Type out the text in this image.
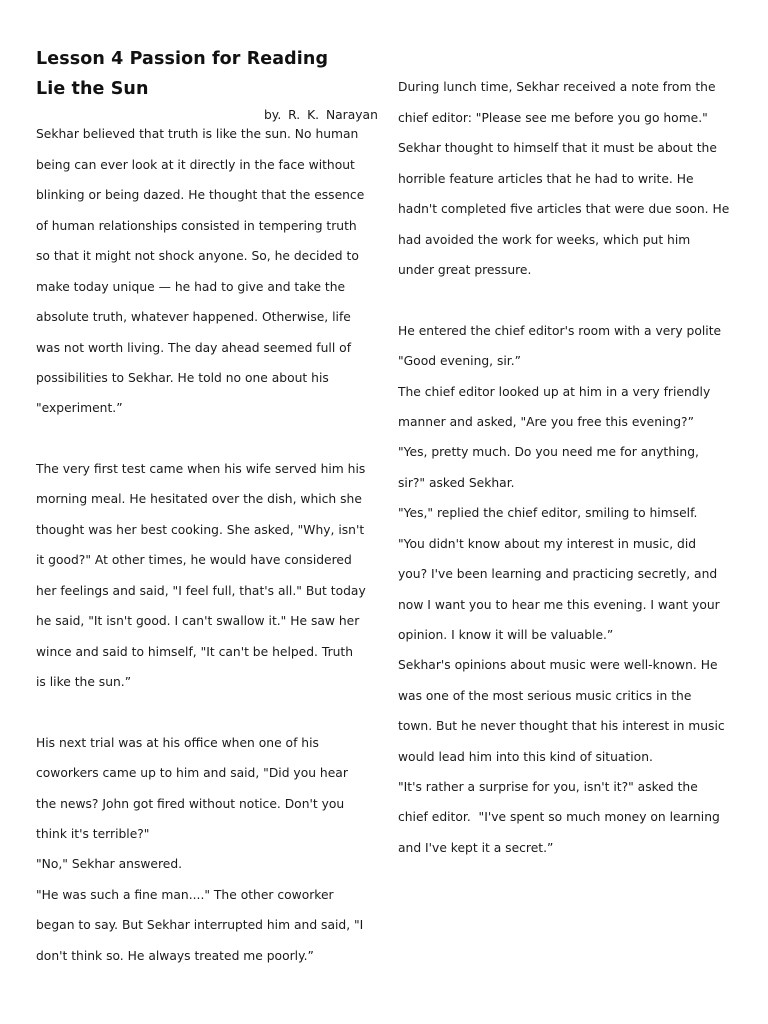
Lesson 4 Passion for Reading
Lie the Sun
by. R. K. Narayan
Sekhar believed that truth is like the sun. No human
being can ever look at it directly in the face without
blinking or being dazed. He thought that the essence
of human relationships consisted in tempering truth
so that it might not shock anyone. So, he decided to
make today unique — he had to give and take the
absolute truth, whatever happened. Otherwise, life
was not worth living. The day ahead seemed full of
possibilities to Sekhar. He told no one about his
"experiment.”
The very first test came when his wife served him his
morning meal. He hesitated over the dish, which she
thought was her best cooking. She asked, "Why, isn't
it good?" At other times, he would have considered
her feelings and said, "I feel full, that's all." But today
he said, "It isn't good. I can't swallow it." He saw her
wince and said to himself, "It can't be helped. Truth
is like the sun.”
His next trial was at his office when one of his
coworkers came up to him and said, "Did you hear
the news? John got fired without notice. Don't you
think it's terrible?"
"No," Sekhar answered.
"He was such a fine man...." The other coworker
began to say. But Sekhar interrupted him and said, "I
don't think so. He always treated me poorly.”
During lunch time, Sekhar received a note from the
chief editor: "Please see me before you go home."
Sekhar thought to himself that it must be about the
horrible feature articles that he had to write. He
hadn't completed five articles that were due soon. He
had avoided the work for weeks, which put him
under great pressure.
He entered the chief editor's room with a very polite
"Good evening, sir.”
The chief editor looked up at him in a very friendly
manner and asked, "Are you free this evening?”
"Yes, pretty much. Do you need me for anything,
sir?" asked Sekhar.
"Yes," replied the chief editor, smiling to himself.
"You didn't know about my interest in music, did
you? I've been learning and practicing secretly, and
now I want you to hear me this evening. I want your
opinion. I know it will be valuable.”
Sekhar's opinions about music were well-known. He
was one of the most serious music critics in the
town. But he never thought that his interest in music
would lead him into this kind of situation.
"It's rather a surprise for you, isn't it?" asked the
chief editor.  "I've spent so much money on learning
and I've kept it a secret.”
